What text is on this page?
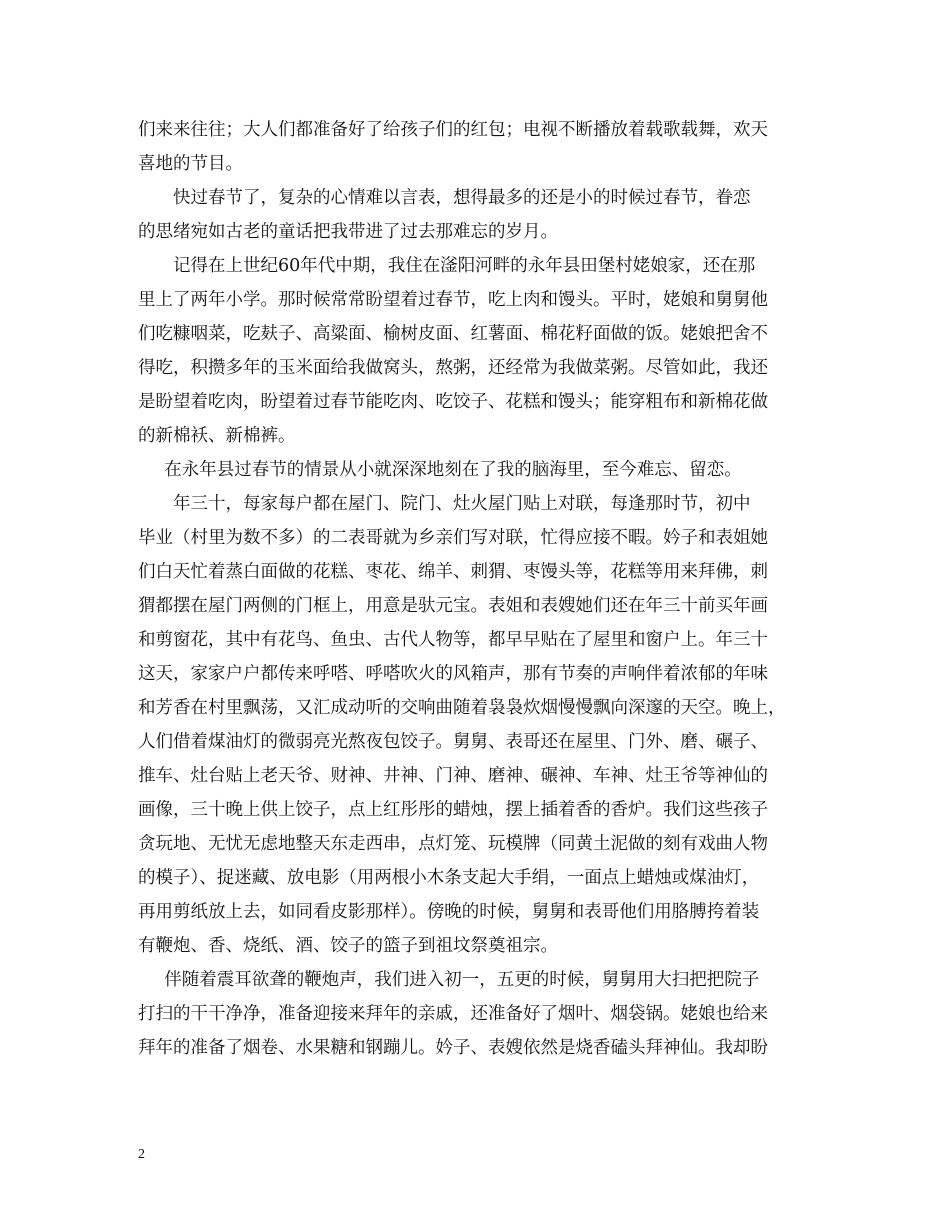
们来来往往；大人们都准备好了给孩子们的红包；电视不断播放着载歌载舞，欢天
喜地的节目。
快过春节了，复杂的心情难以言表，想得最多的还是小的时候过春节，眷恋
的思绪宛如古老的童话把我带进了过去那难忘的岁月。
记得在上世纪60年代中期，我住在滏阳河畔的永年县田堡村姥娘家，还在那
里上了两年小学。那时候常常盼望着过春节，吃上肉和馒头。平时，姥娘和舅舅他
们吃糠咽菜，吃麸子、高粱面、榆树皮面、红薯面、棉花籽面做的饭。姥娘把舍不
得吃，积攒多年的玉米面给我做窝头，熬粥，还经常为我做菜粥。尽管如此，我还
是盼望着吃肉，盼望着过春节能吃肉、吃饺子、花糕和馒头；能穿粗布和新棉花做
的新棉袄、新棉裤。
在永年县过春节的情景从小就深深地刻在了我的脑海里，至今难忘、留恋。
年三十，每家每户都在屋门、院门、灶火屋门贴上对联，每逢那时节，初中
毕业（村里为数不多）的二表哥就为乡亲们写对联，忙得应接不暇。妗子和表姐她
们白天忙着蒸白面做的花糕、枣花、绵羊、刺猬、枣馒头等，花糕等用来拜佛，刺
猬都摆在屋门两侧的门框上，用意是驮元宝。表姐和表嫂她们还在年三十前买年画
和剪窗花，其中有花鸟、鱼虫、古代人物等，都早早贴在了屋里和窗户上。年三十
这天，家家户户都传来呼嗒、呼嗒吹火的风箱声，那有节奏的声响伴着浓郁的年味
和芳香在村里飘荡，又汇成动听的交响曲随着袅袅炊烟慢慢飘向深邃的天空。晚上，
人们借着煤油灯的微弱亮光熬夜包饺子。舅舅、表哥还在屋里、门外、磨、碾子、
推车、灶台贴上老天爷、财神、井神、门神、磨神、碾神、车神、灶王爷等神仙的
画像，三十晚上供上饺子，点上红彤彤的蜡烛，摆上插着香的香炉。我们这些孩子
贪玩地、无忧无虑地整天东走西串，点灯笼、玩模牌（同黄土泥做的刻有戏曲人物
的模子）、捉迷藏、放电影（用两根小木条支起大手绢，一面点上蜡烛或煤油灯，
再用剪纸放上去，如同看皮影那样）。傍晚的时候，舅舅和表哥他们用胳膊挎着装
有鞭炮、香、烧纸、酒、饺子的篮子到祖坟祭奠祖宗。
伴随着震耳欲聋的鞭炮声，我们进入初一，五更的时候，舅舅用大扫把把院子
打扫的干干净净，准备迎接来拜年的亲戚，还准备好了烟叶、烟袋锅。姥娘也给来
拜年的准备了烟卷、水果糖和钢蹦儿。妗子、表嫂依然是烧香磕头拜神仙。我却盼
2
